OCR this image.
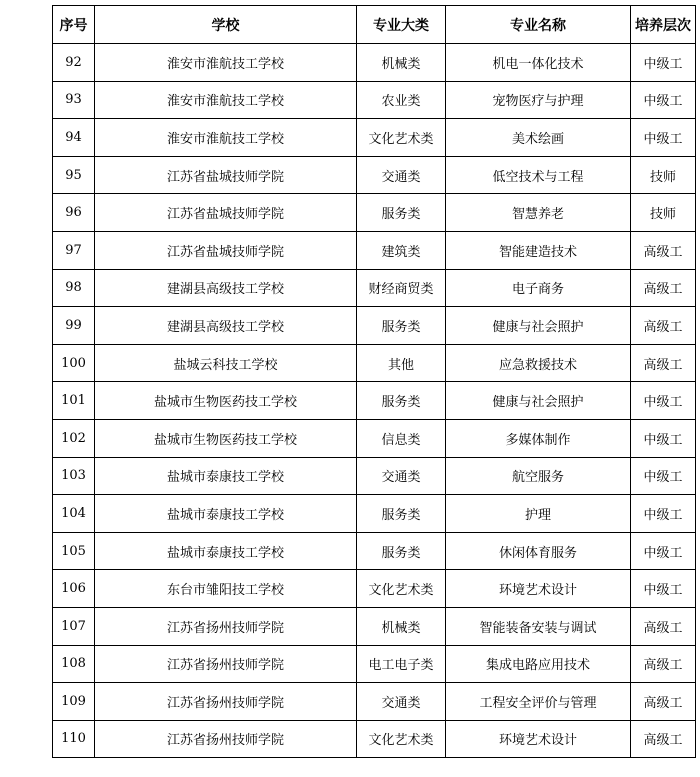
序号	学校	专业大类	专业名称	培养层次
92	淮安市淮航技工学校	机械类	机电一体化技术	中级工
93	淮安市淮航技工学校	农业类	宠物医疗与护理	中级工
94	淮安市淮航技工学校	文化艺术类	美术绘画	中级工
95	江苏省盐城技师学院	交通类	低空技术与工程	技师
96	江苏省盐城技师学院	服务类	智慧养老	技师
97	江苏省盐城技师学院	建筑类	智能建造技术	高级工
98	建湖县高级技工学校	财经商贸类	电子商务	高级工
99	建湖县高级技工学校	服务类	健康与社会照护	高级工
100	盐城云科技工学校	其他	应急救援技术	高级工
101	盐城市生物医药技工学校	服务类	健康与社会照护	中级工
102	盐城市生物医药技工学校	信息类	多媒体制作	中级工
103	盐城市泰康技工学校	交通类	航空服务	中级工
104	盐城市泰康技工学校	服务类	护理	中级工
105	盐城市泰康技工学校	服务类	休闲体育服务	中级工
106	东台市雏阳技工学校	文化艺术类	环境艺术设计	中级工
107	江苏省扬州技师学院	机械类	智能装备安装与调试	高级工
108	江苏省扬州技师学院	电工电子类	集成电路应用技术	高级工
109	江苏省扬州技师学院	交通类	工程安全评价与管理	高级工
110	江苏省扬州技师学院	文化艺术类	环境艺术设计	高级工
